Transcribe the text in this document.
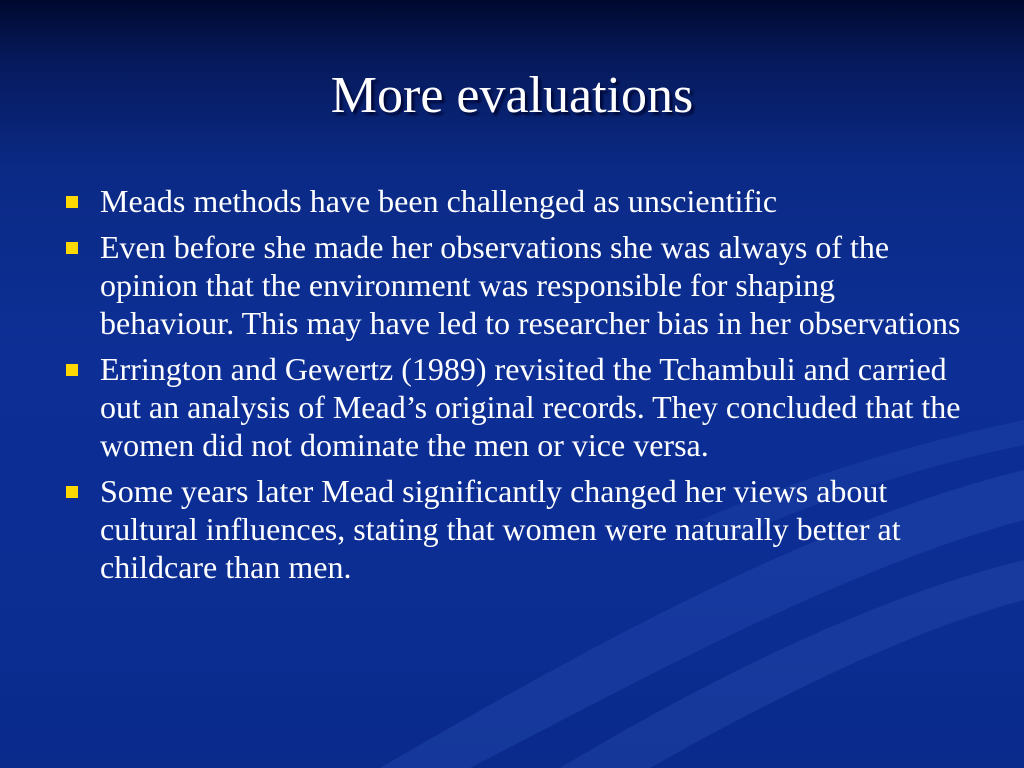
More evaluations
Meads methods have been challenged as unscientific
Even before she made her observations she was always of the opinion that the environment was responsible for shaping behaviour. This may have led to researcher bias in her observations
Errington and Gewertz (1989) revisited the Tchambuli and carried out an analysis of Mead’s original records. They concluded that the women did not dominate the men or vice versa.
Some years later Mead significantly changed her views about cultural influences, stating that women were naturally better at childcare than men.
